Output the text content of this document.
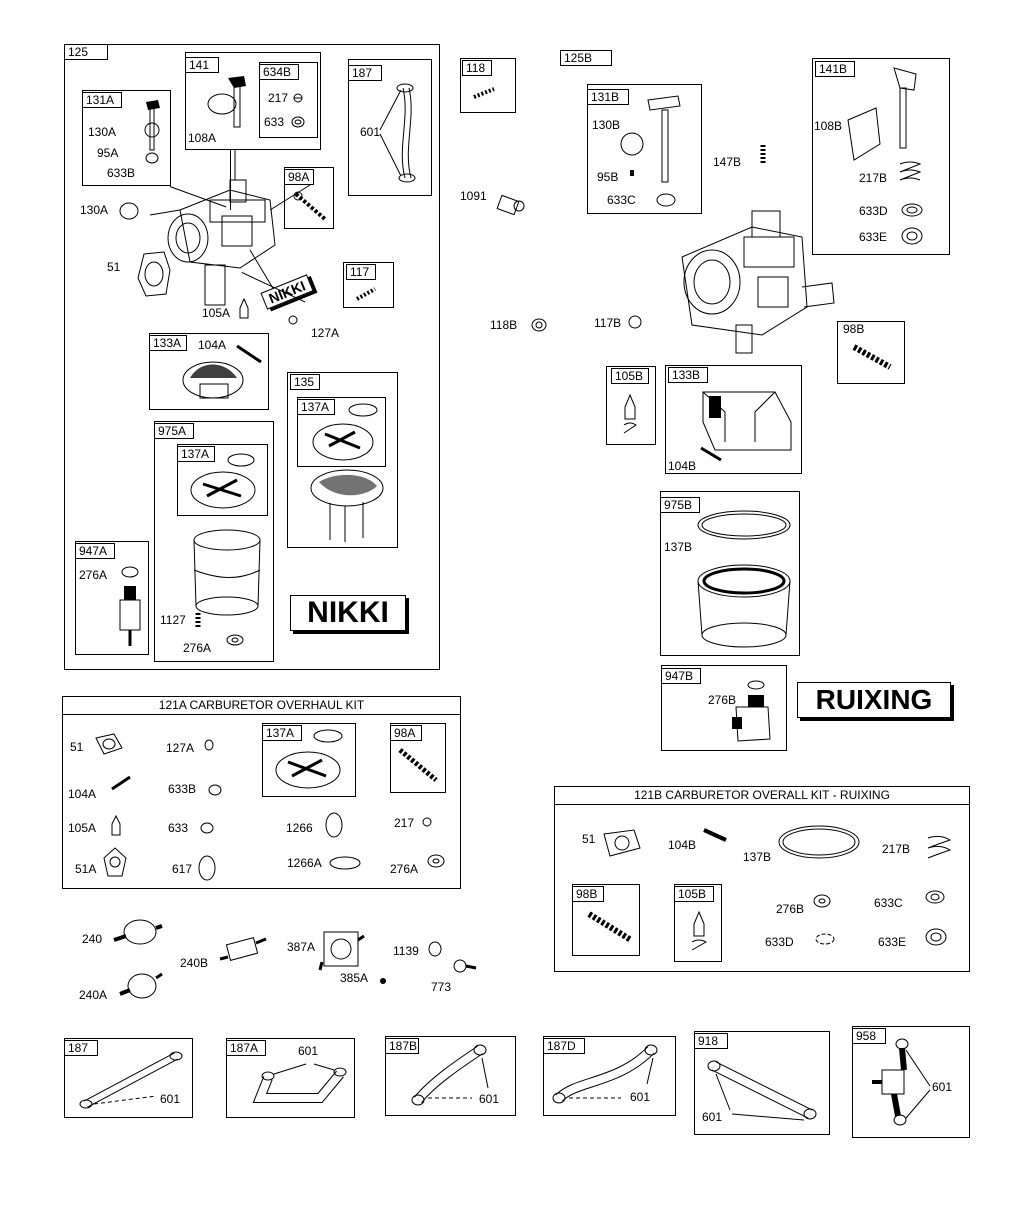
125
141	634B
217
633
108A
187
601
131A
130A
95A
633B
130A
51
98A
117
NIKKI
105A
127A
133A	104A
135
137A
975A
137A
1127
276A
947A
276A
NIKKI
118
1091
118B	117B
125B
131B
130B
95B
633C
147B
141B
108B
217B
633D
633E
98B
105B	133B
104B
975B
137B
947B
276B	RUIXING
121A CARBURETOR OVERHAUL KIT
51	127A
104A	633B
105A	633	1266	217
51A	617	1266A	276A
137A	98A
121B CARBURETOR OVERALL KIT - RUIXING
51	104B
137B
217B
98B	105B
276B	633C
633D	633E
240
240B
387A	1139
240A
385A
773
187
601
187A	601	187B
601
187D
601
918
601
958
601
